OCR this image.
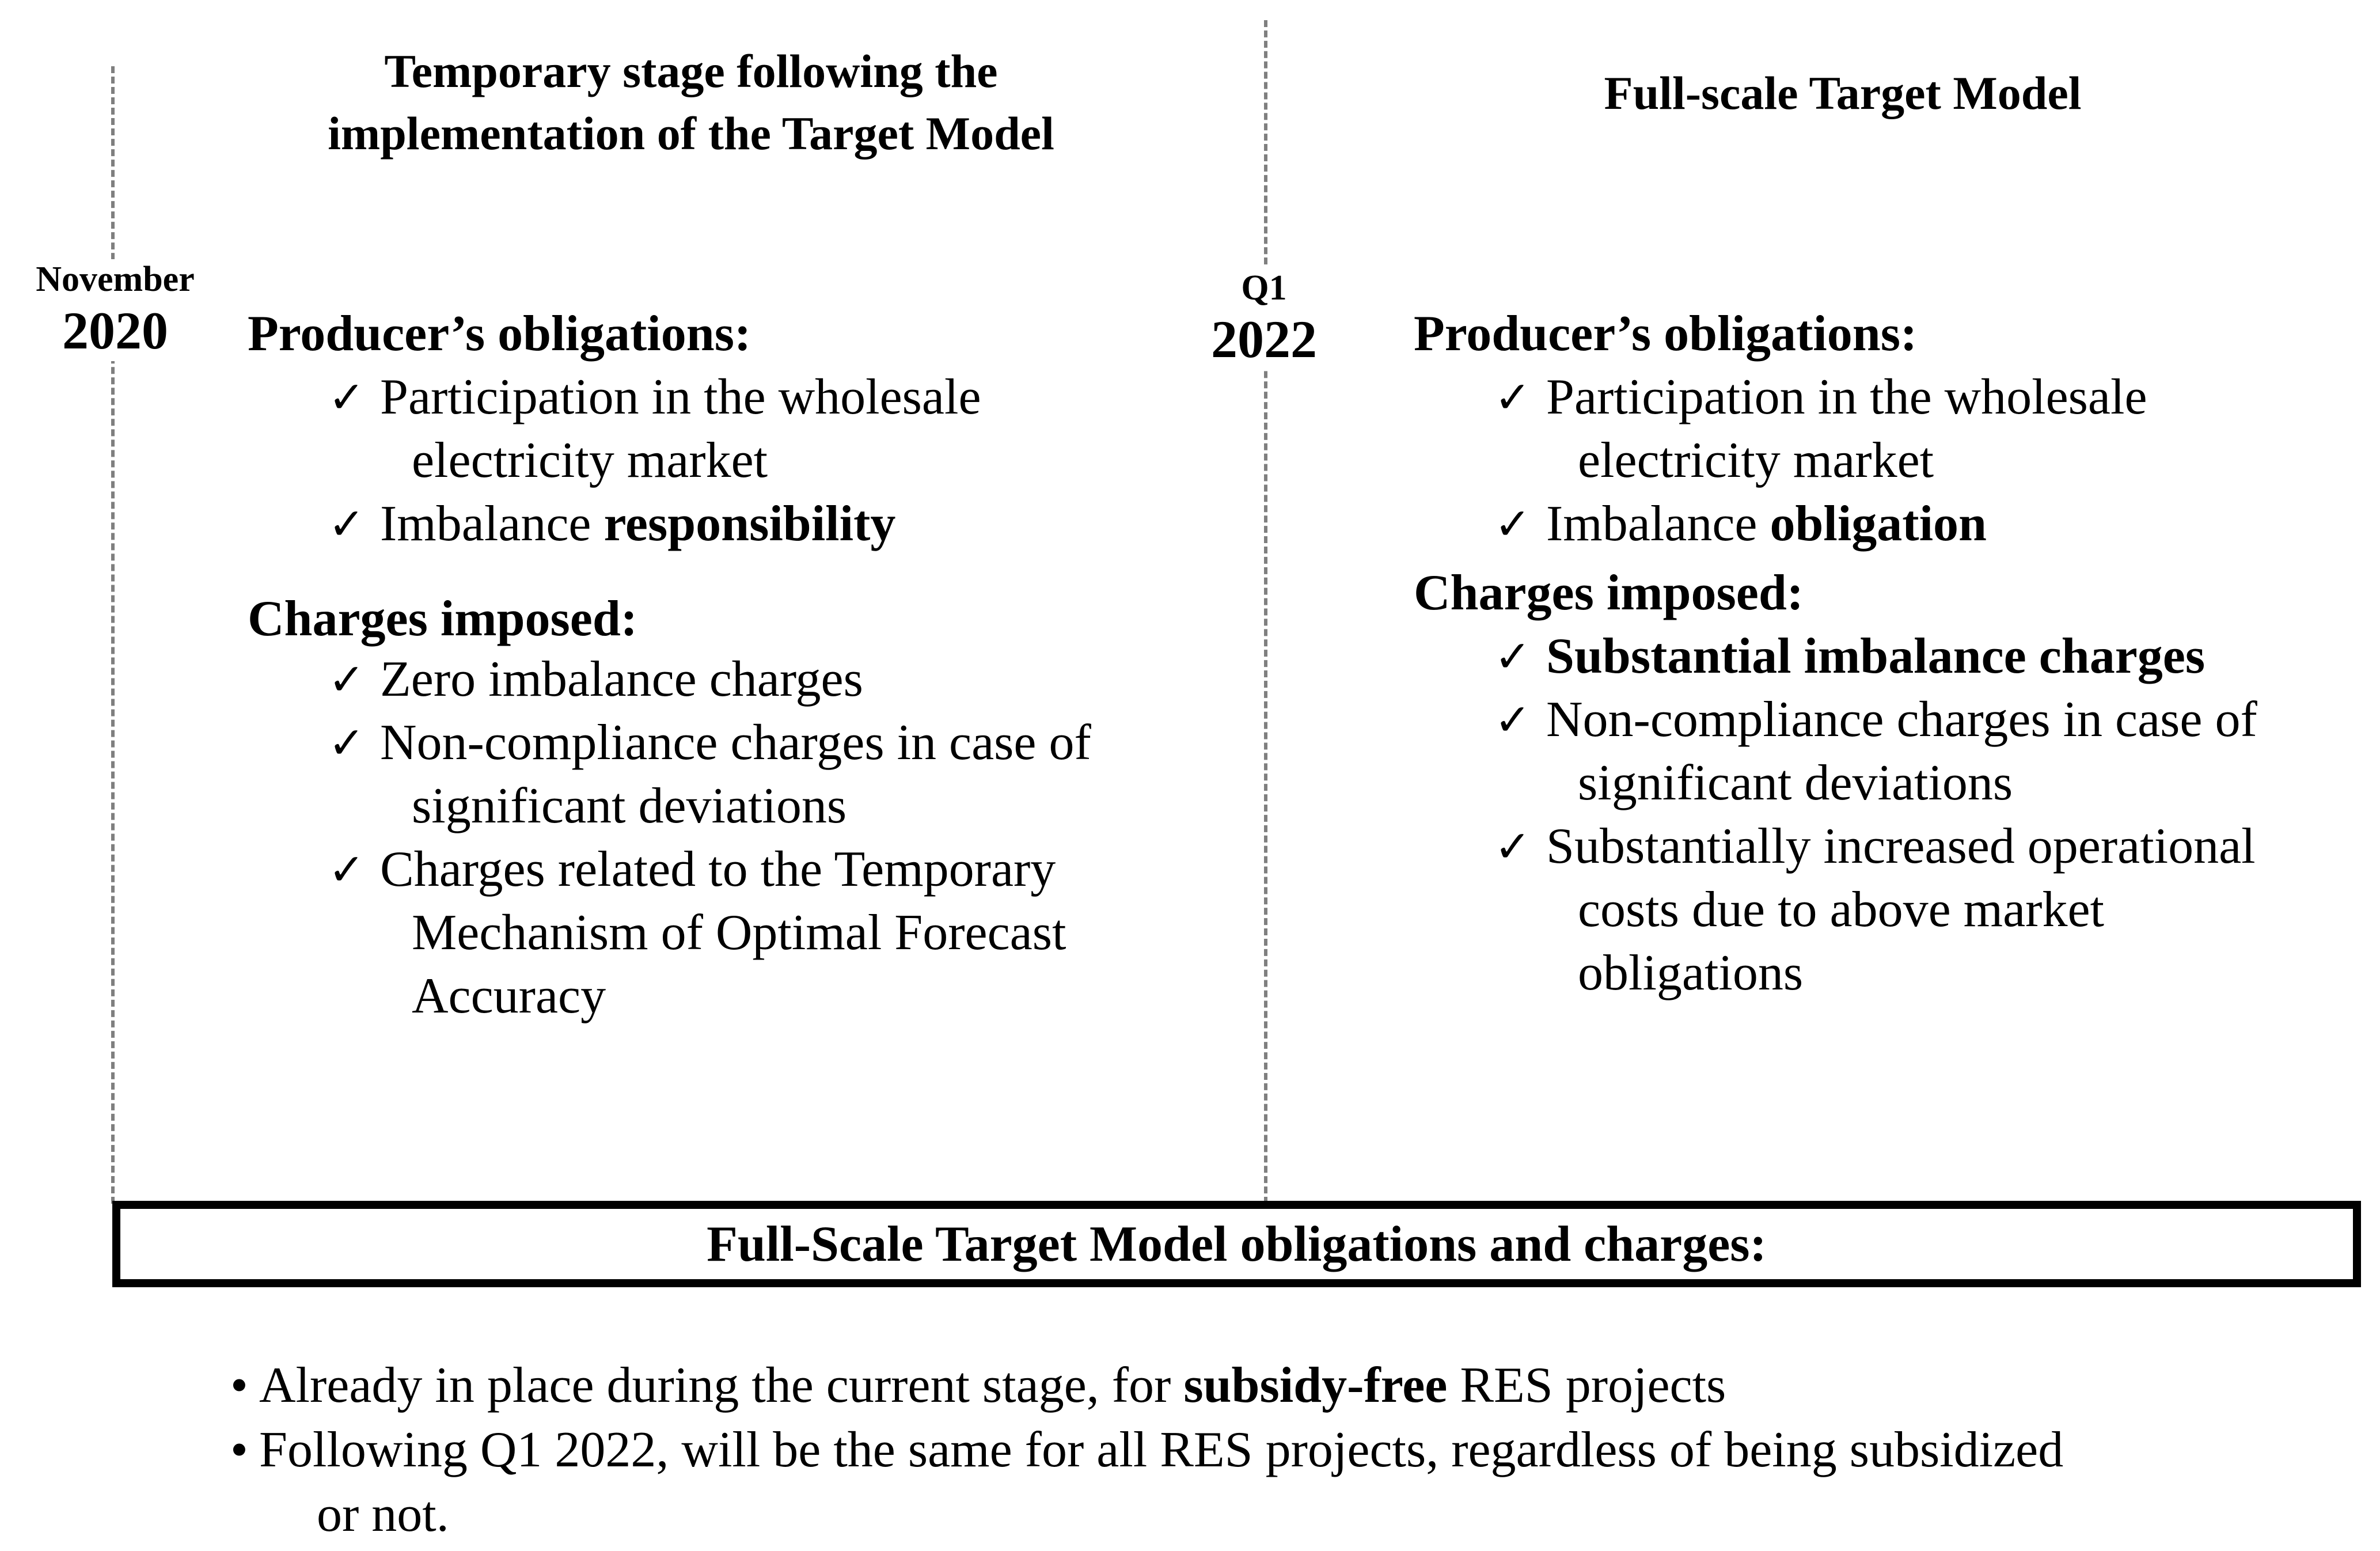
November
2020
Q1
2022
Temporary stage following the
implementation of the Target Model
Producer’s obligations:
✓ Participation in the wholesale
electricity market
✓ Imbalance responsibility
Charges imposed:
✓ Zero imbalance charges
✓ Non-compliance charges in case of
significant deviations
✓ Charges related to the Temporary
Mechanism of Optimal Forecast
Accuracy
Full-scale Target Model
Producer’s obligations:
✓ Participation in the wholesale
electricity market
✓ Imbalance obligation
Charges imposed:
✓ Substantial imbalance charges
✓ Non-compliance charges in case of
significant deviations
✓ Substantially increased operational
costs due to above market
obligations
Full-Scale Target Model obligations and charges:
• Already in place during the current stage, for subsidy-free RES projects
• Following Q1 2022, will be the same for all RES projects, regardless of being subsidized
or not.
